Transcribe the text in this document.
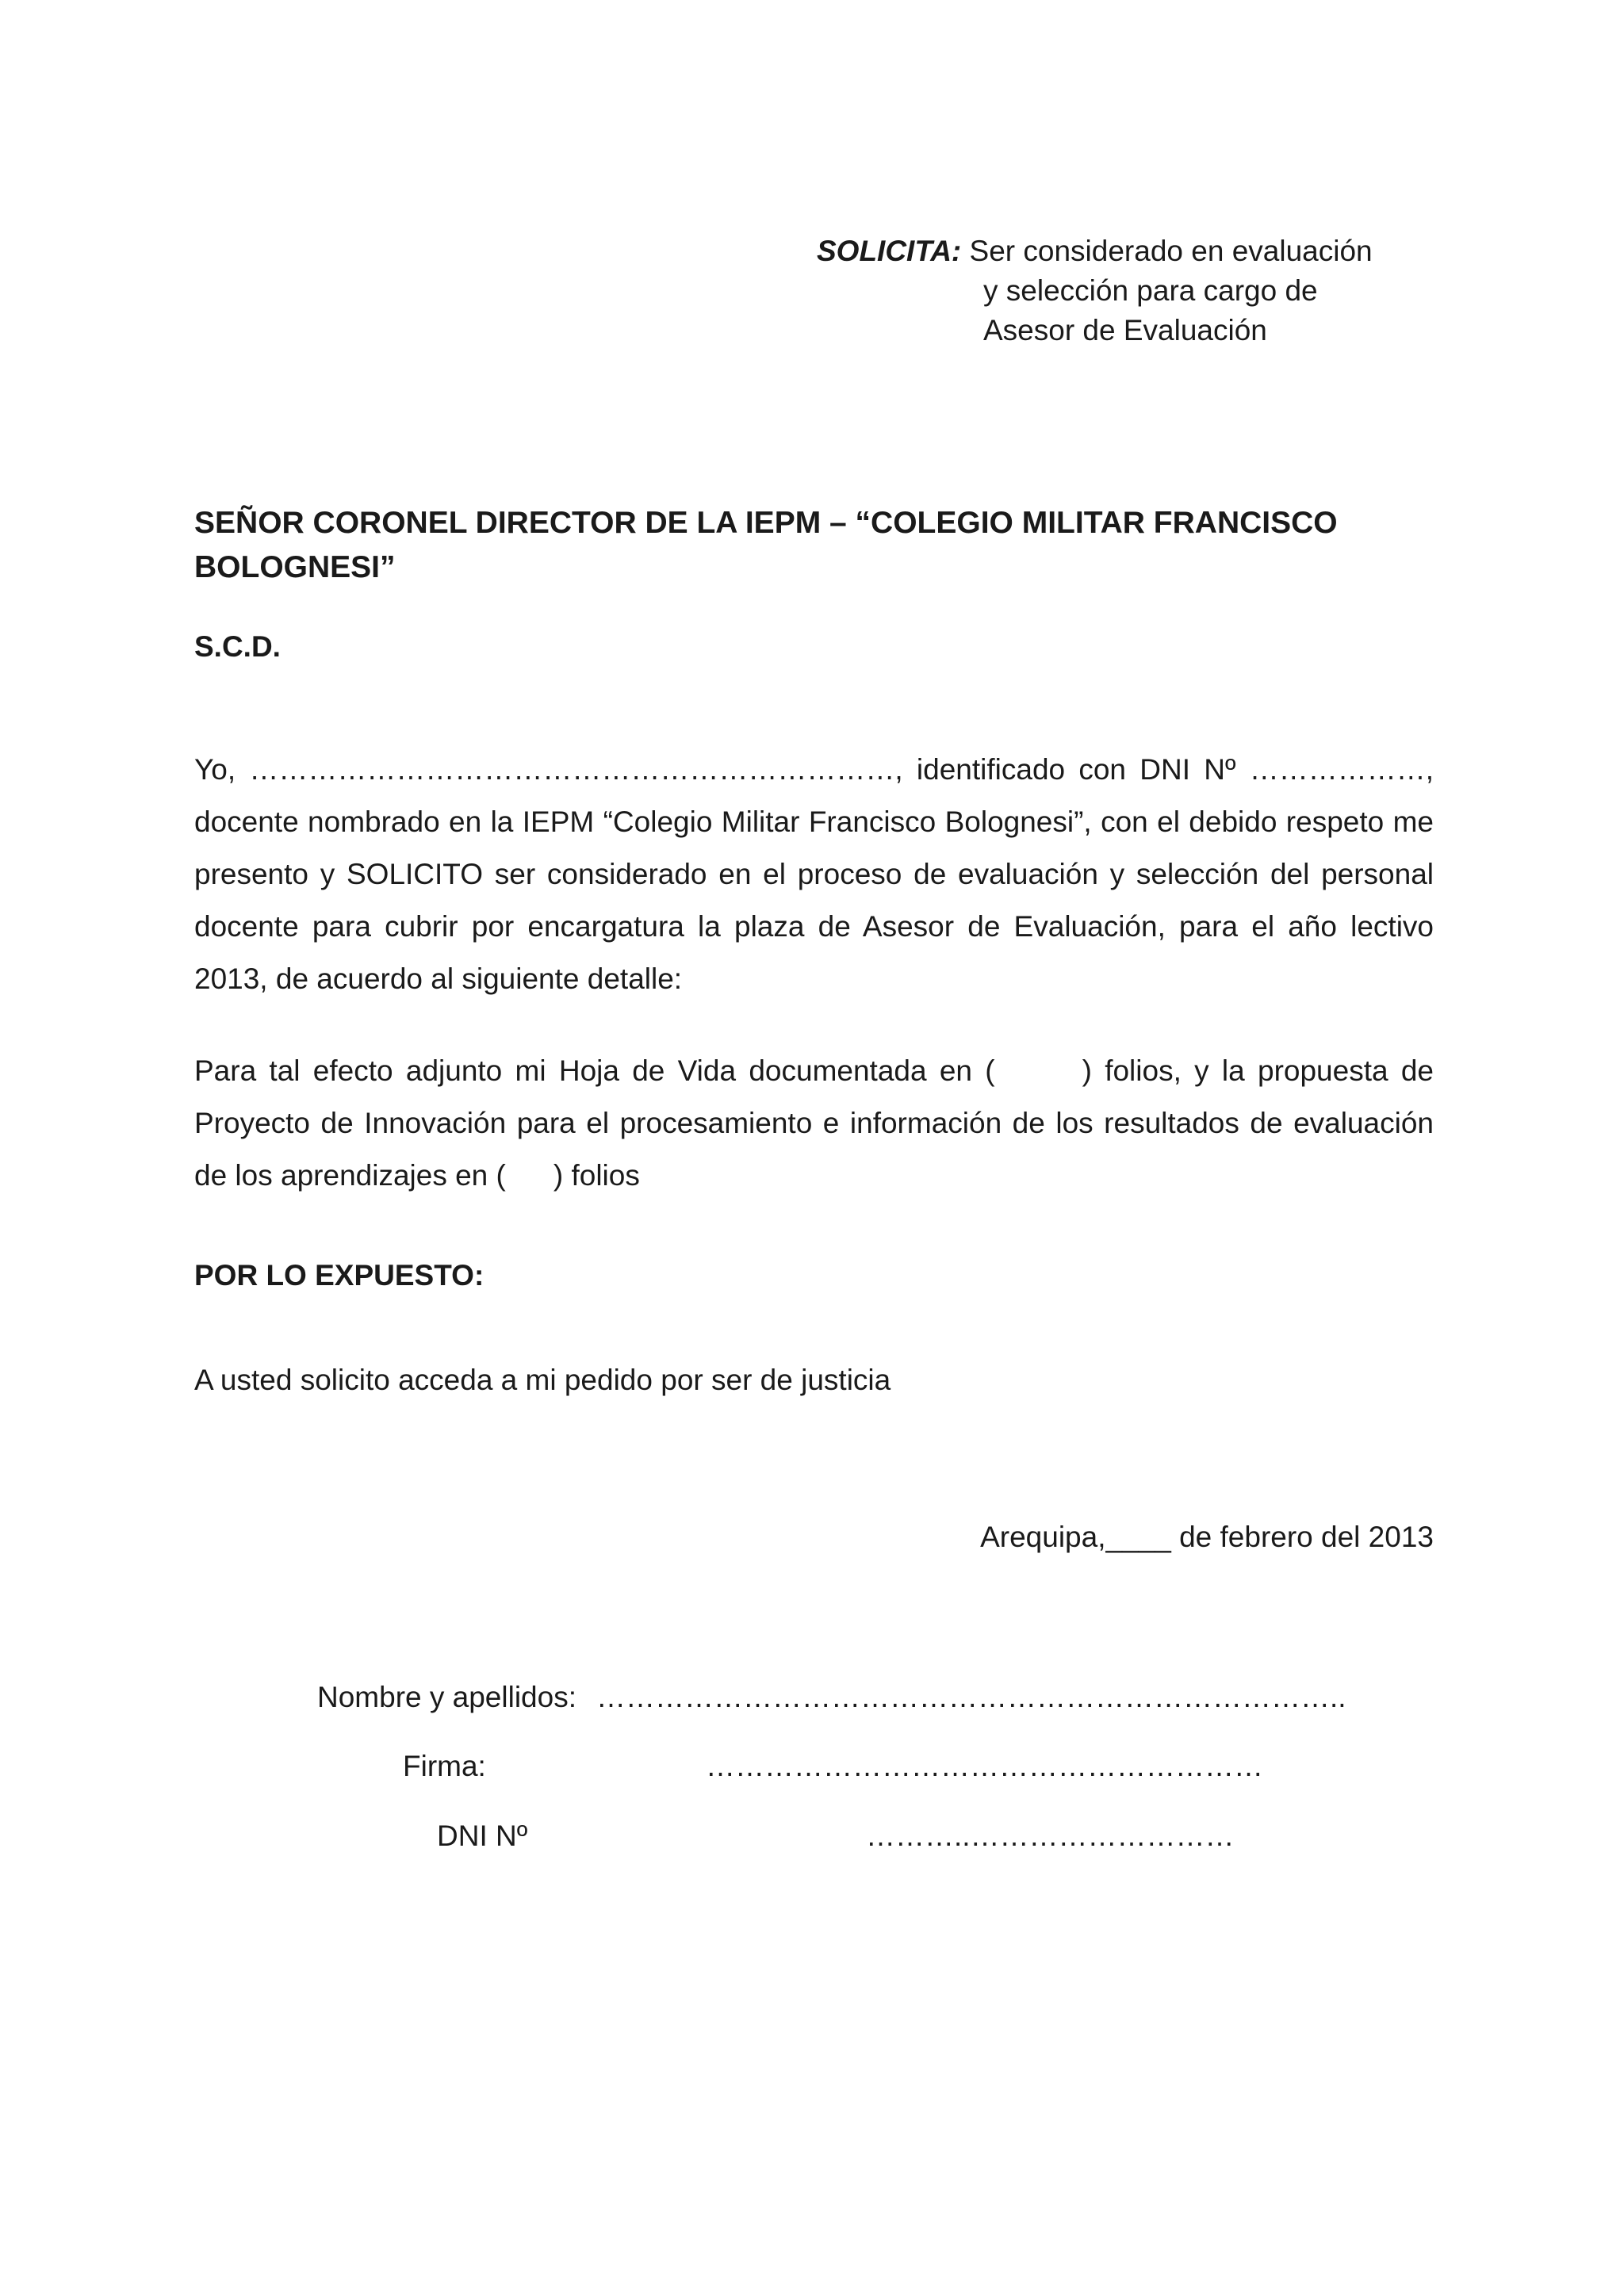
SOLICITA: Ser considerado en evaluación
y selección para cargo de
Asesor de Evaluación
SEÑOR CORONEL DIRECTOR DE LA IEPM – “COLEGIO MILITAR FRANCISCO BOLOGNESI”
S.C.D.
Yo, …………………………………………………………, identificado con DNI Nº ………………, docente nombrado en la IEPM “Colegio Militar Francisco Bolognesi”, con el debido respeto me presento y SOLICITO ser considerado en el proceso de evaluación y selección del personal docente para cubrir por encargatura la plaza de Asesor de Evaluación, para el año lectivo 2013, de acuerdo al siguiente detalle:
Para tal efecto adjunto mi Hoja de Vida documentada en (	) folios, y la propuesta de Proyecto de Innovación para el procesamiento e información de los resultados de evaluación de los aprendizajes en ( ) folios
POR LO EXPUESTO:
A usted solicito acceda a mi pedido por ser de justicia
Arequipa,____ de febrero del 2013
Nombre y apellidos: …………………………………………………………………..
Firma:	…………………………………………………
DNI Nº	………..………………………
